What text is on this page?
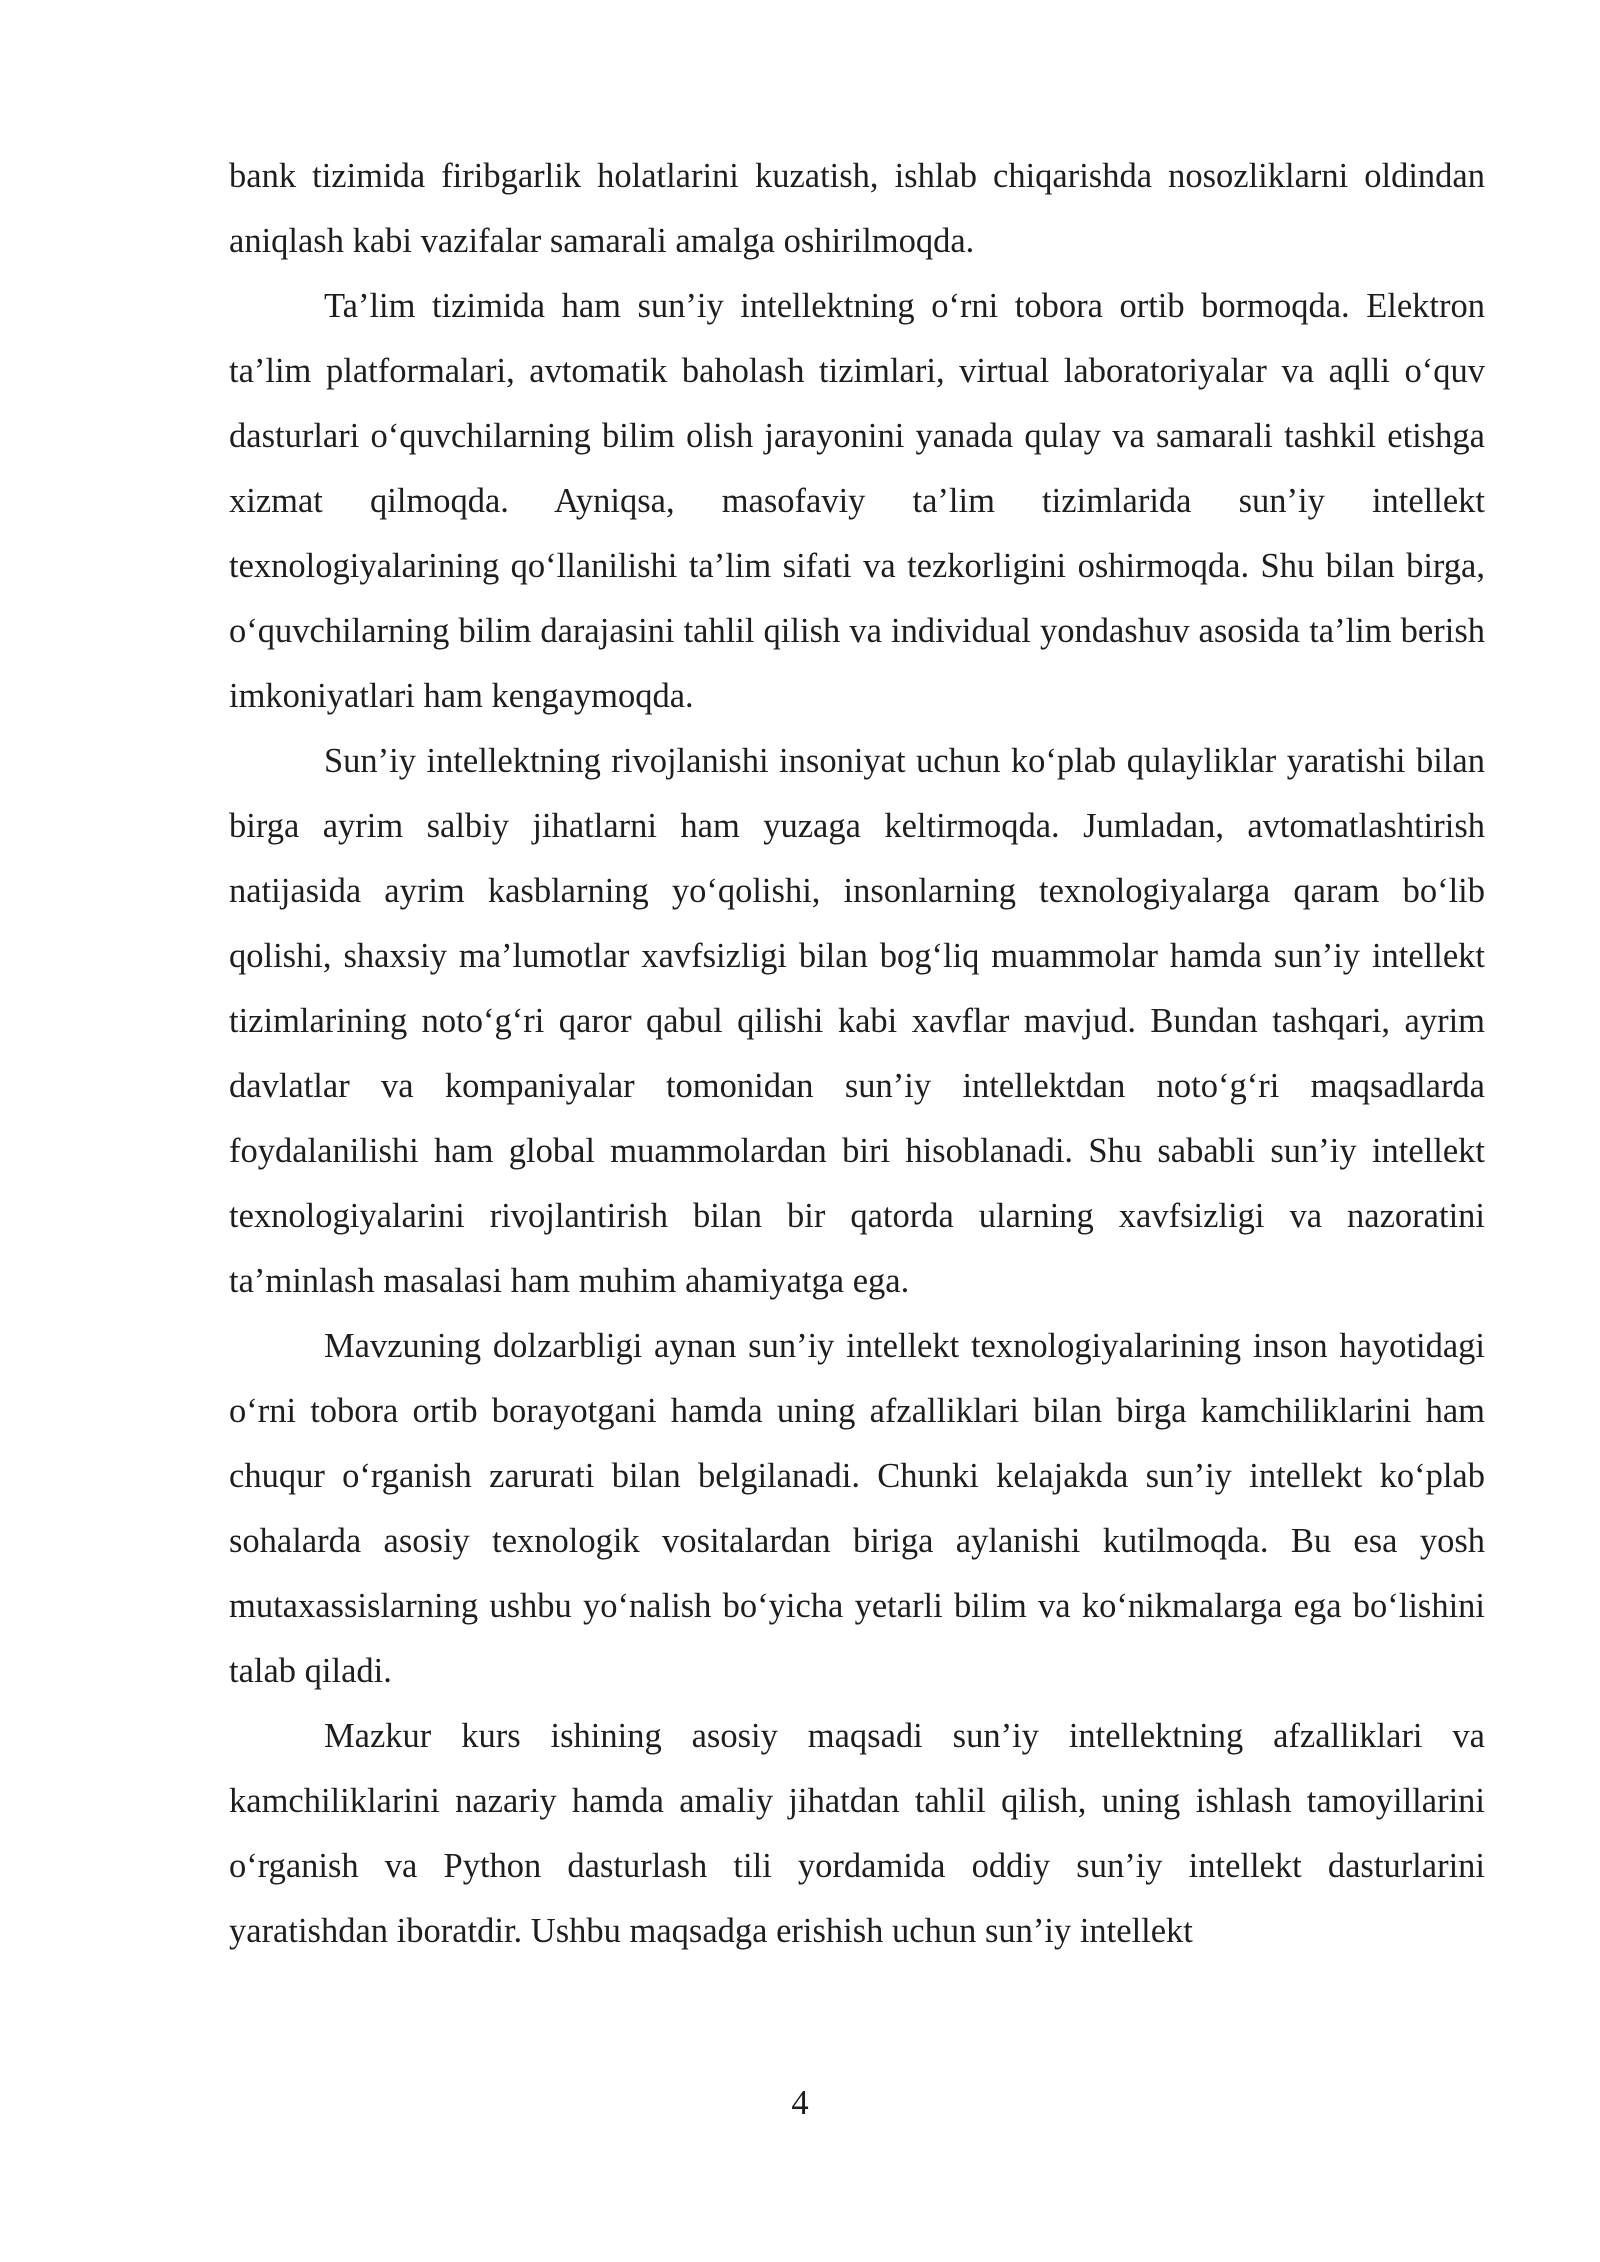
bank tizimida firibgarlik holatlarini kuzatish, ishlab chiqarishda nosozliklarni oldindan aniqlash kabi vazifalar samarali amalga oshirilmoqda.

Ta’lim tizimida ham sun’iy intellektning o‘rni tobora ortib bormoqda. Elektron ta’lim platformalari, avtomatik baholash tizimlari, virtual laboratoriyalar va aqlli o‘quv dasturlari o‘quvchilarning bilim olish jarayonini yanada qulay va samarali tashkil etishga xizmat qilmoqda. Ayniqsa, masofaviy ta’lim tizimlarida sun’iy intellekt texnologiyalarining qo‘llanilishi ta’lim sifati va tezkorligini oshirmoqda. Shu bilan birga, o‘quvchilarning bilim darajasini tahlil qilish va individual yondashuv asosida ta’lim berish imkoniyatlari ham kengaymoqda.

Sun’iy intellektning rivojlanishi insoniyat uchun ko‘plab qulayliklar yaratishi bilan birga ayrim salbiy jihatlarni ham yuzaga keltirmoqda. Jumladan, avtomatlashtirish natijasida ayrim kasblarning yo‘qolishi, insonlarning texnologiyalarga qaram bo‘lib qolishi, shaxsiy ma’lumotlar xavfsizligi bilan bog‘liq muammolar hamda sun’iy intellekt tizimlarining noto‘g‘ri qaror qabul qilishi kabi xavflar mavjud. Bundan tashqari, ayrim davlatlar va kompaniyalar tomonidan sun’iy intellektdan noto‘g‘ri maqsadlarda foydalanilishi ham global muammolardan biri hisoblanadi. Shu sababli sun’iy intellekt texnologiyalarini rivojlantirish bilan bir qatorda ularning xavfsizligi va nazoratini ta’minlash masalasi ham muhim ahamiyatga ega.

Mavzuning dolzarbligi aynan sun’iy intellekt texnologiyalarining inson hayotidagi o‘rni tobora ortib borayotgani hamda uning afzalliklari bilan birga kamchiliklarini ham chuqur o‘rganish zarurati bilan belgilanadi. Chunki kelajakda sun’iy intellekt ko‘plab sohalarda asosiy texnologik vositalardan biriga aylanishi kutilmoqda. Bu esa yosh mutaxassislarning ushbu yo‘nalish bo‘yicha yetarli bilim va ko‘nikmalarga ega bo‘lishini talab qiladi.

Mazkur kurs ishining asosiy maqsadi sun’iy intellektning afzalliklari va kamchiliklarini nazariy hamda amaliy jihatdan tahlil qilish, uning ishlash tamoyillarini o‘rganish va Python dasturlash tili yordamida oddiy sun’iy intellekt dasturlarini yaratishdan iboratdir. Ushbu maqsadga erishish uchun sun’iy intellekt

4
